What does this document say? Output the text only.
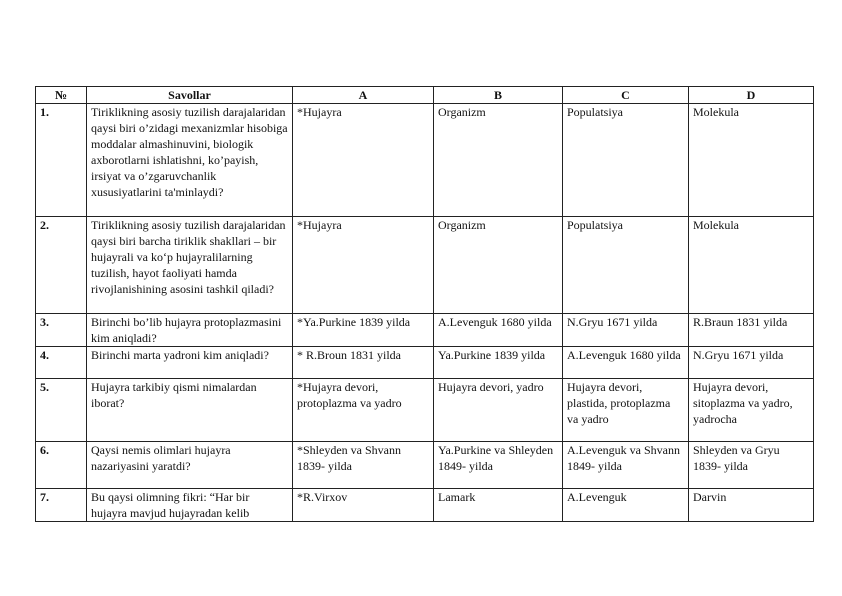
№	Savollar	A	B	C	D
1.	Tiriklikning asosiy tuzilish darajalaridan qaysi biri o’zidagi mexanizmlar hisobiga moddalar almashinuvini, biologik axborotlarni ishlatishni, ko’payish, irsiyat va o’zgaruvchanlik xususiyatlarini ta'minlaydi?	*Hujayra	Organizm	Populatsiya	Molekula
2.	Tiriklikning asosiy tuzilish darajalaridan qaysi biri barcha tiriklik shakllari – bir hujayrali va ko‘p hujayralilarning tuzilish, hayot faoliyati hamda rivojlanishining asosini tashkil qiladi?	*Hujayra	Organizm	Populatsiya	Molekula
3.	Birinchi bo’lib hujayra protoplazmasini kim aniqladi?	*Ya.Purkine 1839 yilda	A.Levenguk 1680 yilda	N.Gryu 1671 yilda	R.Braun 1831 yilda
4.	Birinchi marta yadroni kim aniqladi?	* R.Broun 1831 yilda	Ya.Purkine 1839 yilda	A.Levenguk 1680 yilda	N.Gryu 1671 yilda
5.	Hujayra tarkibiy qismi nimalardan iborat?	*Hujayra devori, protoplazma va yadro	Hujayra devori, yadro	Hujayra devori, plastida, protoplazma va yadro	Hujayra devori, sitoplazma va yadro, yadrocha
6.	Qaysi nemis olimlari hujayra nazariyasini yaratdi?	*Shleyden va Shvann 1839- yilda	Ya.Purkine va Shleyden 1849- yilda	A.Levenguk va Shvann 1849- yilda	Shleyden va Gryu 1839- yilda
7.	Bu qaysi olimning fikri: “Har bir hujayra mavjud hujayradan kelib	*R.Virxov	Lamark	A.Levenguk	Darvin
